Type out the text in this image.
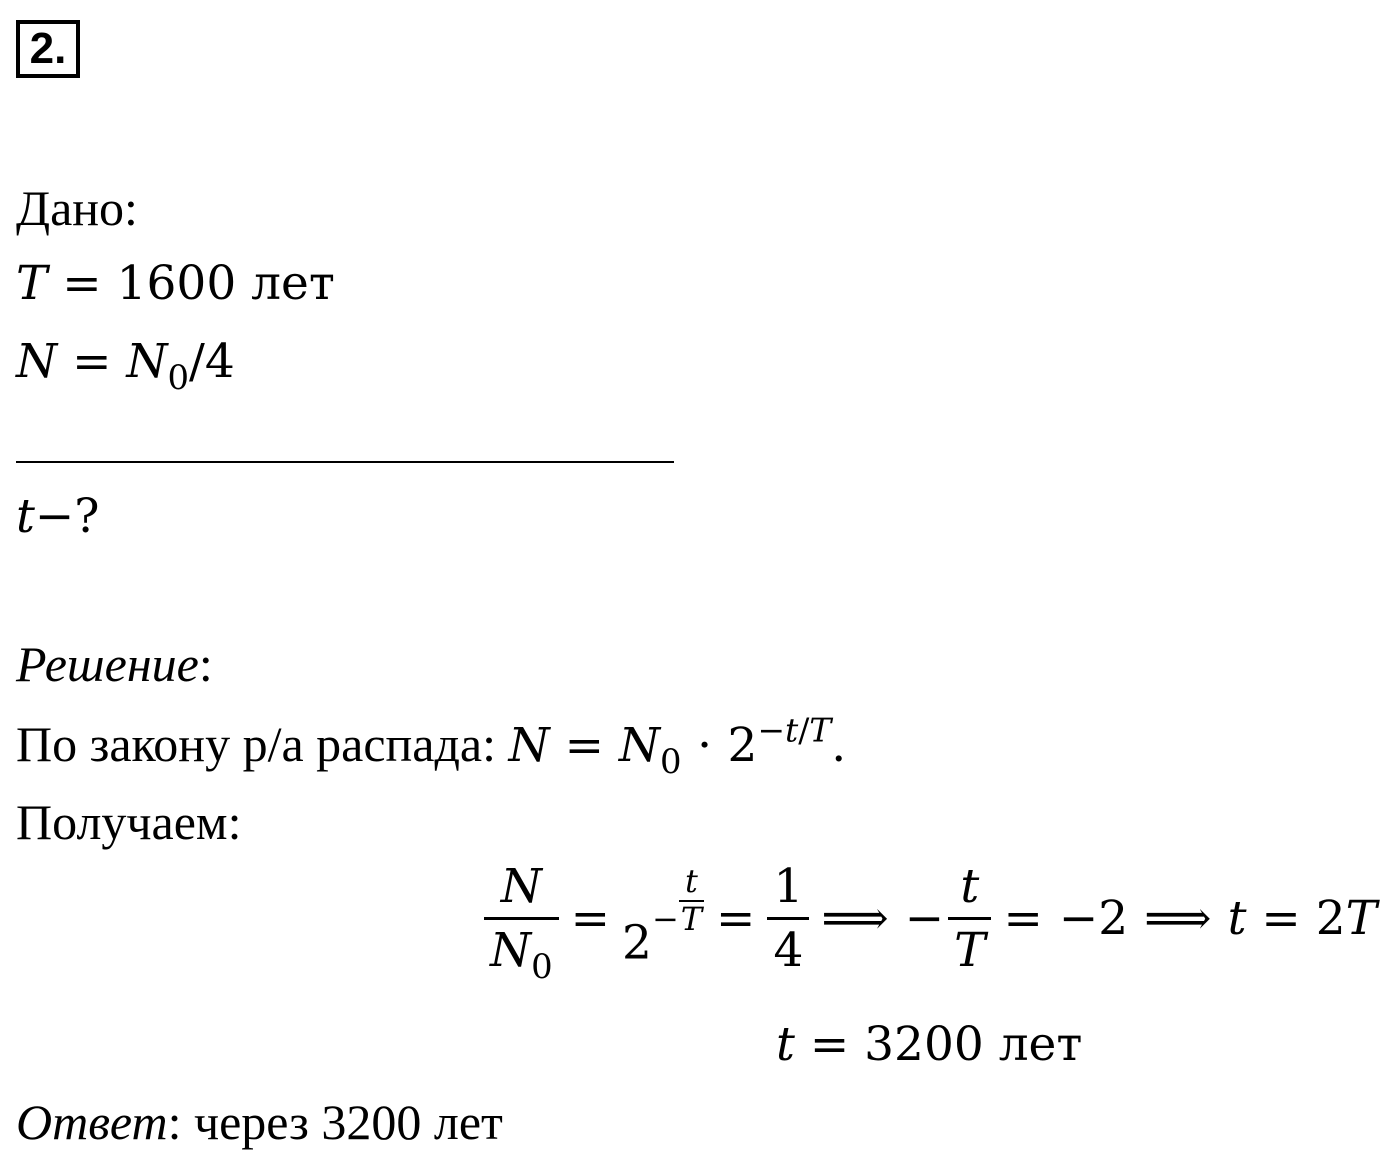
2.
Дано:
𝑇 = 1600 лет
𝑁 = 𝑁$_0$/4
𝑡−?
Решение:
По закону р/а распада: 𝑁 = 𝑁$_0$ ⋅ $2^{-𝑡/𝑇}$.
Получаем:
$\frac{\text{𝑁}}{𝑁_0} = 2^- \frac{\text{𝑡}}{\text{𝑇}} = \frac{1}{4}$ ⟹ − $\frac{\text{𝑡}}{\text{𝑇}} = -2$ ⟹ 𝑡 = 2𝑇
𝑡 = 3200 лет
Ответ: через 3200 лет
